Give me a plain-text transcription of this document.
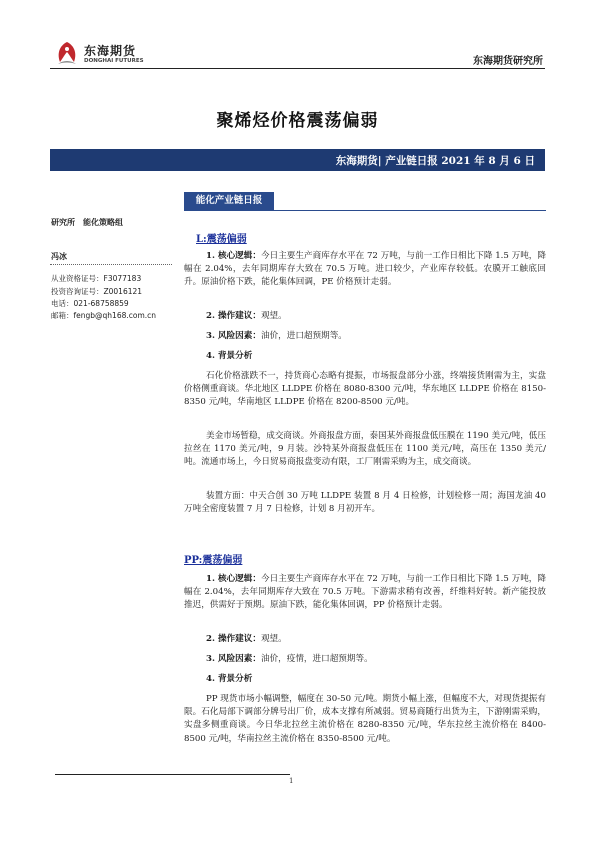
东海期货
DONGHAI FUTURES	东海期货研究所
聚烯烃价格震荡偏弱
东海期货| 产业链日报 2021 年 8 月 6 日
研究所　能化策略组
冯冰
从业资格证号：F3077183
投资咨询证号：Z0016121
电话：021-68758859
邮箱：fengb@qh168.com.cn
能化产业链日报
L:震荡偏弱
1. 核心逻辑：今日主要生产商库存水平在 72 万吨，与前一工作日相比下降 1.5 万吨，降幅在 2.04%，去年同期库存大致在 70.5 万吨。进口较少，产业库存较低。农膜开工触底回升。原油价格下跌，能化集体回调，PE 价格预计走弱。
2. 操作建议：观望。
3. 风险因素：油价，进口超预期等。
4. 背景分析
石化价格涨跌不一，持货商心态略有提振，市场报盘部分小涨，终端接货刚需为主，实盘价格侧重商谈。华北地区 LLDPE 价格在 8080-8300 元/吨，华东地区 LLDPE 价格在 8150-8350 元/吨，华南地区 LLDPE 价格在 8200-8500 元/吨。
美金市场暂稳，成交商谈。外商报盘方面，泰国某外商报盘低压膜在 1190 美元/吨，低压拉丝在 1170 美元/吨，9 月装。沙特某外商报盘低压在 1100 美元/吨，高压在 1350 美元/吨。流通市场上，今日贸易商报盘变动有限，工厂刚需采购为主，成交商谈。
装置方面：中天合创 30 万吨 LLDPE 装置 8 月 4 日检修，计划检修一周；海国龙油 40 万吨全密度装置 7 月 7 日检修，计划 8 月初开车。
PP:震荡偏弱
1. 核心逻辑：今日主要生产商库存水平在 72 万吨，与前一工作日相比下降 1.5 万吨，降幅在 2.04%，去年同期库存大致在 70.5 万吨。下游需求稍有改善，纤维料好转。新产能投放推迟，供需好于预期。原油下跌，能化集体回调，PP 价格预计走弱。
2. 操作建议：观望。
3. 风险因素：油价，疫情，进口超预期等。
4. 背景分析
PP 现货市场小幅调整，幅度在 30-50 元/吨。期货小幅上涨，但幅度不大，对现货提振有限。石化局部下调部分牌号出厂价，成本支撑有所减弱。贸易商随行出货为主，下游刚需采购，实盘多侧重商谈。今日华北拉丝主流价格在 8280-8350 元/吨，华东拉丝主流价格在 8400-8500 元/吨，华南拉丝主流价格在 8350-8500 元/吨。
1
